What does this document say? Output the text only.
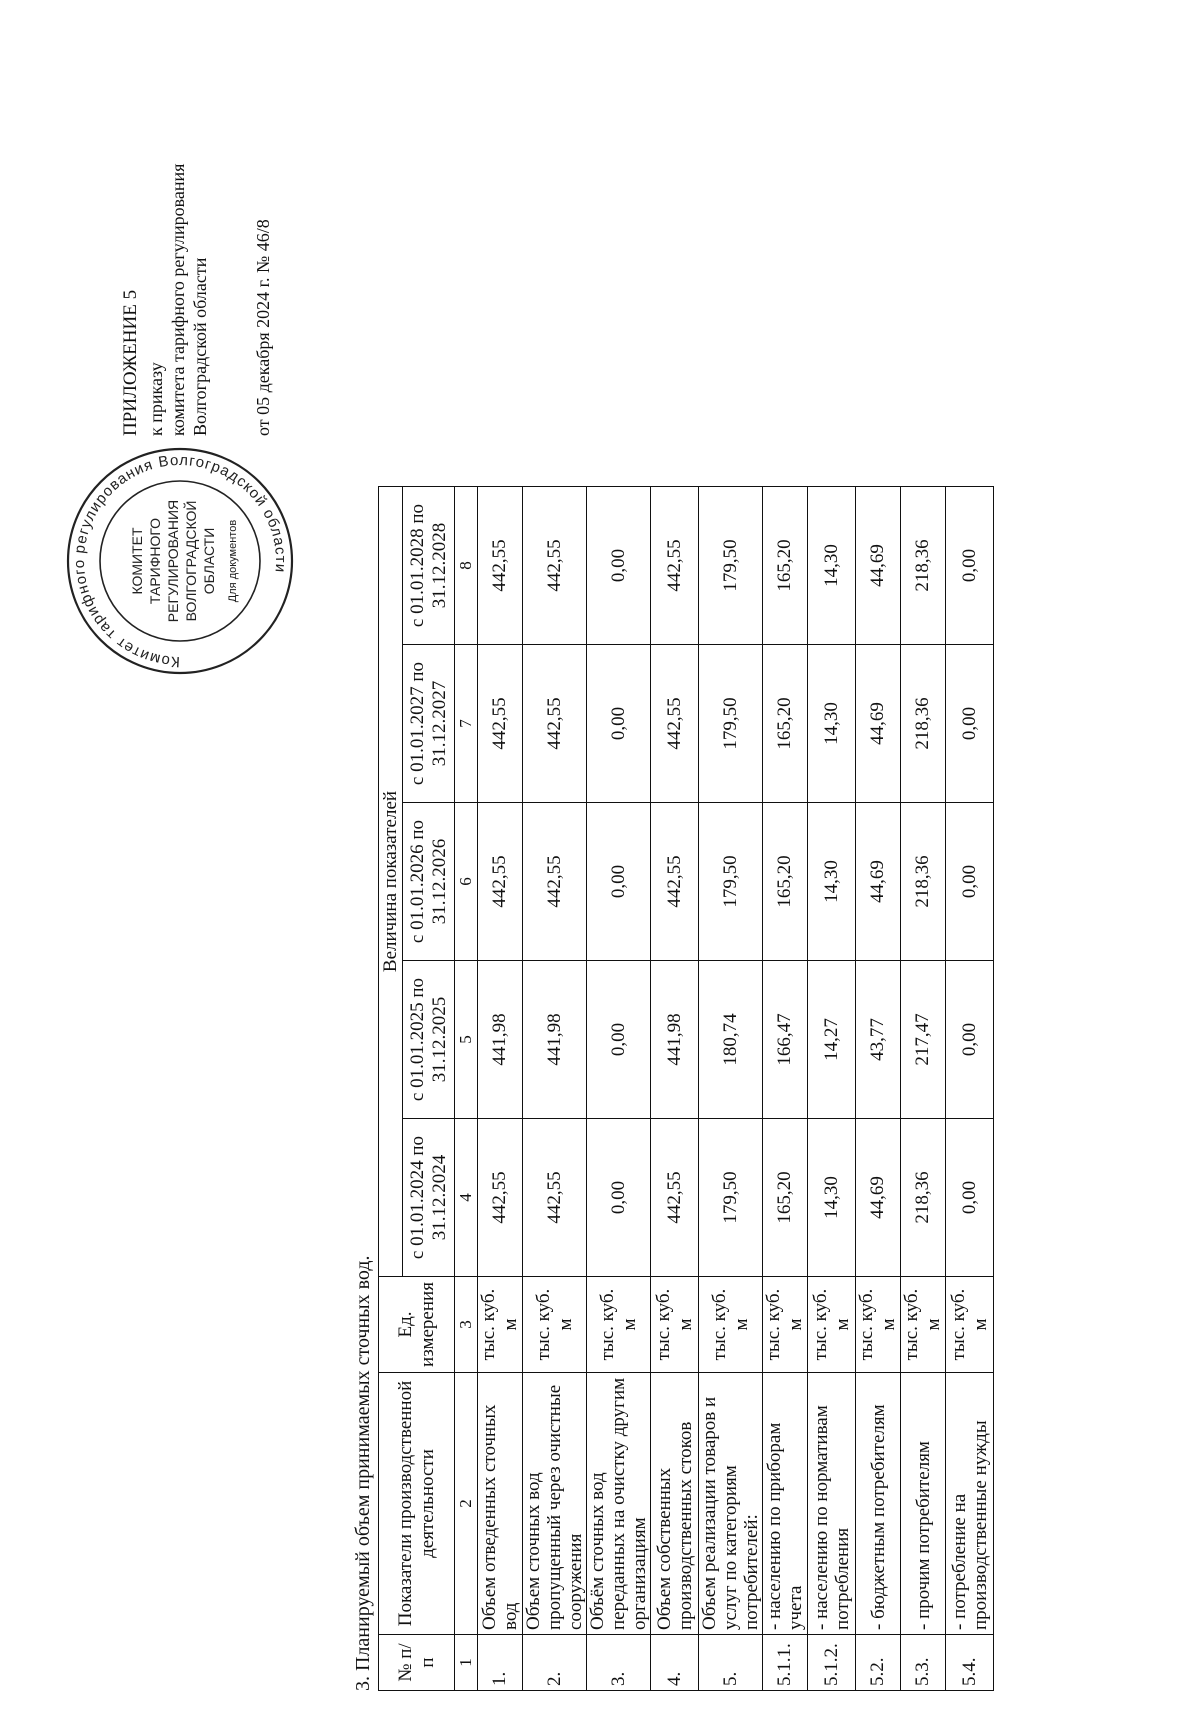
ПРИЛОЖЕНИЕ 5 к приказу комитета тарифного регулирования Волгоградской области от 05 декабря 2024 г. № 46/8
Комитет тарифного регулирования Волгоградской области
КОМИТЕТ ТАРИФНОГО РЕГУЛИРОВАНИЯ ВОЛГОГРАДСКОЙ ОБЛАСТИ Для документов
3. Планируемый объем принимаемых сточных вод. № п/п	Показатели производственной деятельности	Ед. измерения	Величина показателей				
			с 01.01.2024 по 31.12.2024	с 01.01.2025 по 31.12.2025	с 01.01.2026 по 31.12.2026	с 01.01.2027 по 31.12.2027	с 01.01.2028 по 31.12.2028
1	2	3	4	5	6	7	8
1.	Объем отведенных сточных вод	тыс. куб. м	442,55	441,98	442,55	442,55	442,55
2.	Объем сточных вод пропущенный через очистные сооружения	тыс. куб. м	442,55	441,98	442,55	442,55	442,55
3.	Объём сточных вод переданных на очистку другим организациям	тыс. куб. м	0,00	0,00	0,00	0,00	0,00
4.	Объем собственных производственных стоков	тыс. куб. м	442,55	441,98	442,55	442,55	442,55
5.	Объем реализации товаров и услуг по категориям потребителей:	тыс. куб. м	179,50	180,74	179,50	179,50	179,50
5.1.1.	- населению по приборам учета	тыс. куб. м	165,20	166,47	165,20	165,20	165,20
5.1.2.	- населению по нормативам потребления	тыс. куб. м	14,30	14,27	14,30	14,30	14,30
5.2.	- бюджетным потребителям	тыс. куб. м	44,69	43,77	44,69	44,69	44,69
5.3.	- прочим потребителям	тыс. куб. м	218,36	217,47	218,36	218,36	218,36
5.4.	- потребление на производственные нужды	тыс. куб. м	0,00	0,00	0,00	0,00	0,00
